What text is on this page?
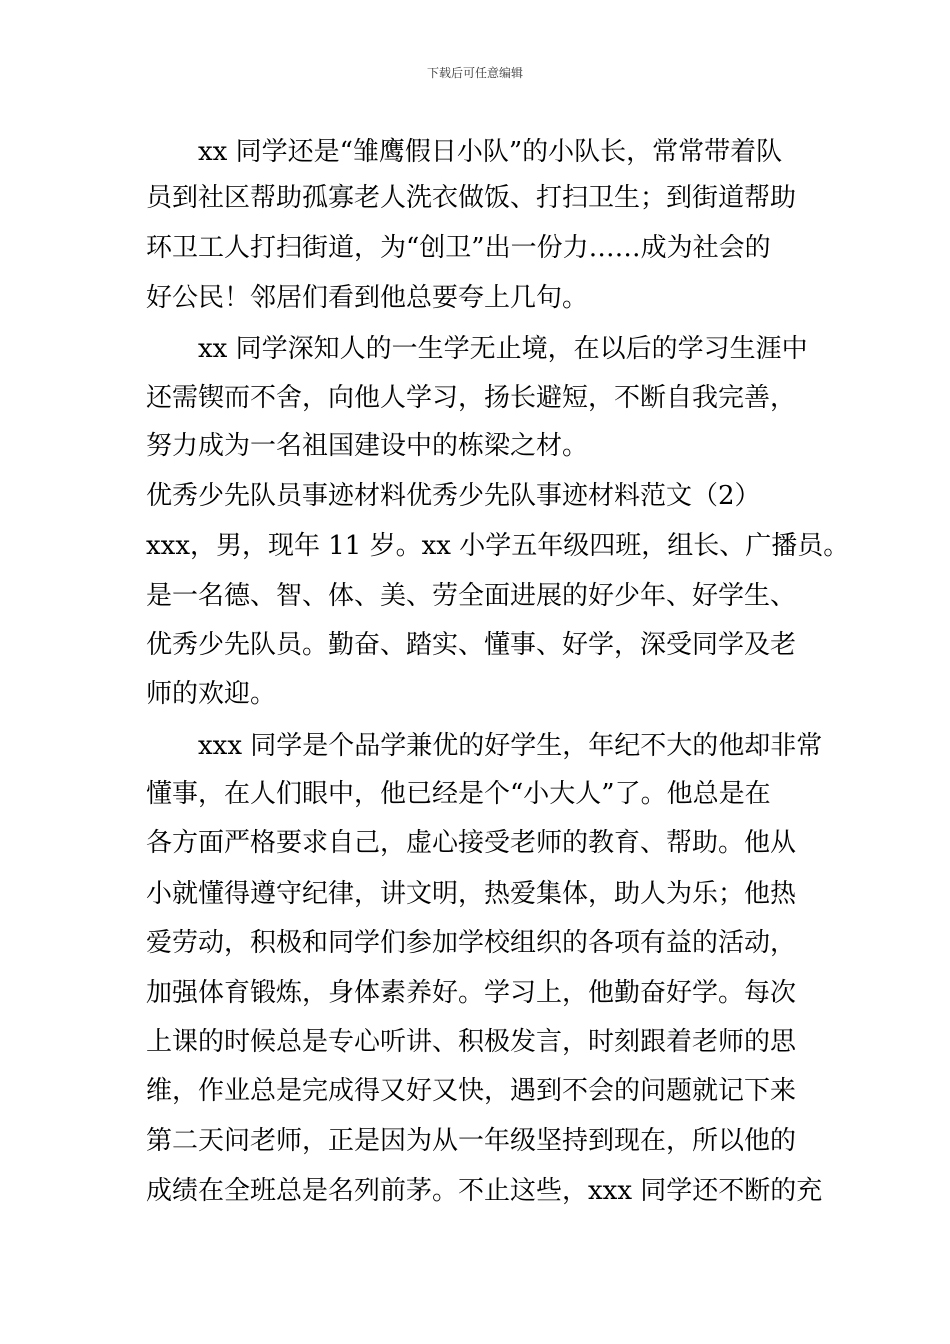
下载后可任意编辑
xx 同学还是“雏鹰假日小队”的小队长，常常带着队
员到社区帮助孤寡老人洗衣做饭、打扫卫生；到街道帮助
环卫工人打扫街道，为“创卫”出一份力……成为社会的
好公民！邻居们看到他总要夸上几句。
xx 同学深知人的一生学无止境，在以后的学习生涯中
还需锲而不舍，向他人学习，扬长避短，不断自我完善，
努力成为一名祖国建设中的栋梁之材。
优秀少先队员事迹材料优秀少先队事迹材料范文（2）
xxx，男，现年 11 岁。xx 小学五年级四班，组长、广播员。
是一名德、智、体、美、劳全面进展的好少年、好学生、
优秀少先队员。勤奋、踏实、懂事、好学，深受同学及老
师的欢迎。
xxx 同学是个品学兼优的好学生，年纪不大的他却非常
懂事，在人们眼中，他已经是个“小大人”了。他总是在
各方面严格要求自己，虚心接受老师的教育、帮助。他从
小就懂得遵守纪律，讲文明，热爱集体，助人为乐；他热
爱劳动，积极和同学们参加学校组织的各项有益的活动，
加强体育锻炼，身体素养好。学习上，他勤奋好学。每次
上课的时候总是专心听讲、积极发言，时刻跟着老师的思
维，作业总是完成得又好又快，遇到不会的问题就记下来
第二天问老师，正是因为从一年级坚持到现在，所以他的
成绩在全班总是名列前茅。不止这些，xxx 同学还不断的充
